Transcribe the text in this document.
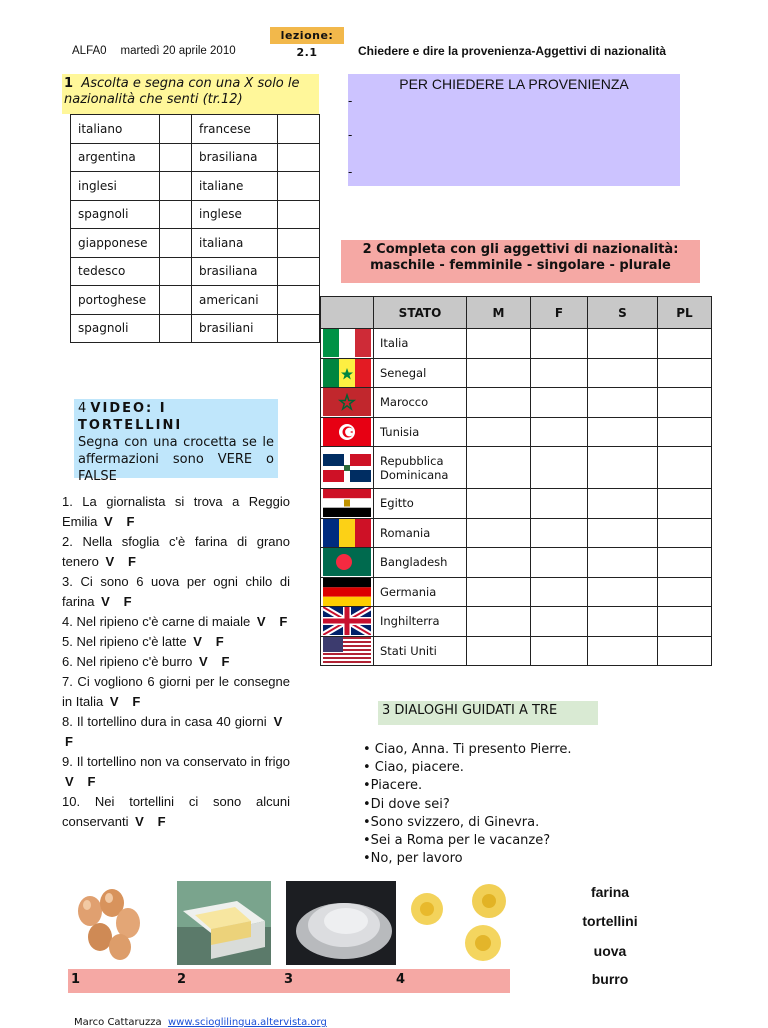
lezione: 2.1
ALFA0 martedì 20 aprile 2010	Chiedere e dire la provenienza-Aggettivi di nazionalità
1 Ascolta e segna con una X solo le nazionalità che senti (tr.12)
italiano		francese	
argentina		brasiliana	
inglesi		italiane	
spagnoli		inglese	
giapponese		italiana	
tedesco		brasiliana	
portoghese		americani	
spagnoli		brasiliani	
PER CHIEDERE LA PROVENIENZA
-
-
-
2 Completa con gli aggettivi di nazionalità:
maschile - femminile - singolare - plurale
	STATO	M	F	S	PL

	Italia				

	Senegal				

	Marocco				

	Tunisia				

	Repubblica Dominicana				

	Egitto				

	Romania				

	Bangladesh				

	Germania				

	Inghilterra				

	Stati Uniti				
4 VIDEO: I TORTELLINI
Segna con una crocetta se le affermazioni sono VERE o FALSE
1. La giornalista si trova a Reggio Emilia V F
2. Nella sfoglia c'è farina di grano tenero V F
3. Ci sono 6 uova per ogni chilo di farina V F
4. Nel ripieno c'è carne di maiale V F
5. Nel ripieno c'è latte V F
6. Nel ripieno c'è burro V F
7. Ci vogliono 6 giorni per le consegne in Italia V F
8. Il tortellino dura in casa 40 giorni V   F
9. Il tortellino non va conservato in frigo V F
10. Nei tortellini ci sono alcuni conservanti V F
3 DIALOGHI GUIDATI A TRE
• Ciao, Anna. Ti presento Pierre.
• Ciao, piacere.
•Piacere.
•Di dove sei?
•Sono svizzero, di Ginevra.
•Sei a Roma per le vacanze?
•No, per lavoro
1	2	3	4
farina
tortellini
uova
burro
Marco Cattaruzza www.scioglilingua.altervista.org
